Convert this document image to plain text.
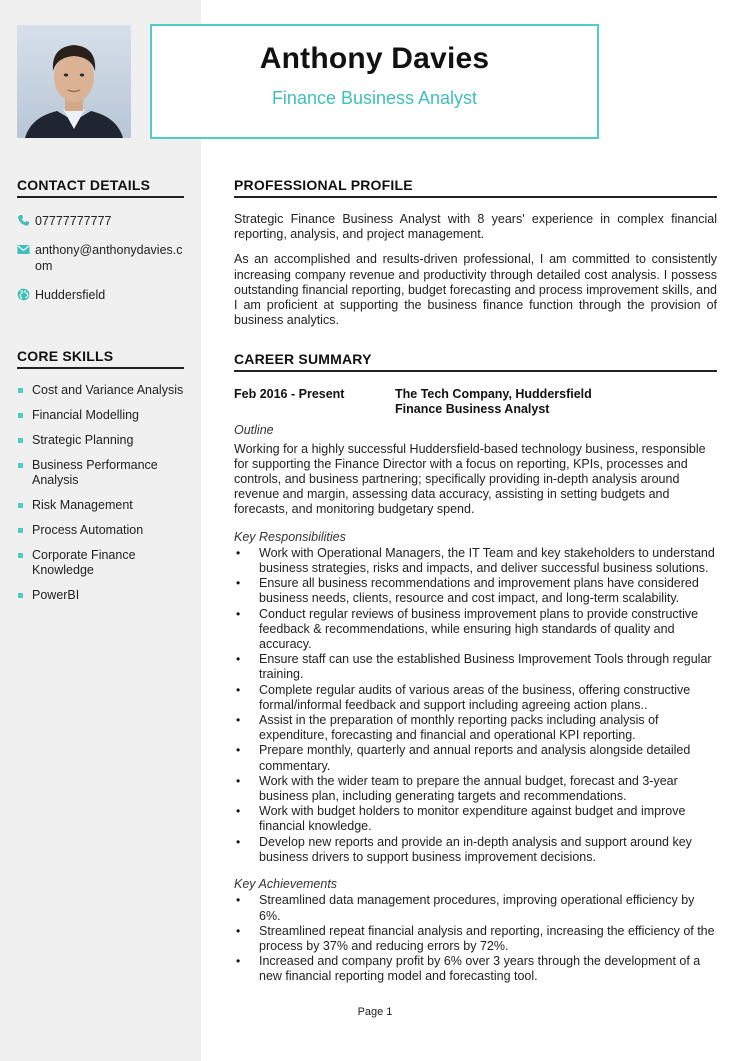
Anthony Davies
Finance Business Analyst
CONTACT DETAILS
07777777777
anthony@anthonydavies.com
Huddersfield
CORE SKILLS
Cost and Variance Analysis
Financial Modelling
Strategic Planning
Business Performance Analysis
Risk Management
Process Automation
Corporate Finance Knowledge
PowerBI
PROFESSIONAL PROFILE

Strategic Finance Business Analyst with 8 years' experience in complex financial reporting, analysis, and project management.

As an accomplished and results-driven professional, I am committed to consistently increasing company revenue and productivity through detailed cost analysis. I possess outstanding financial reporting, budget forecasting and process improvement skills, and I am proficient at supporting the business finance function through the provision of business analytics.

CAREER SUMMARY
Feb 2016 - Present	The Tech Company, Huddersfield
Finance Business Analyst
Outline

Working for a highly successful Huddersfield-based technology business, responsible for supporting the Finance Director with a focus on reporting, KPIs, processes and controls, and business partnering; specifically providing in-depth analysis around revenue and margin, assessing data accuracy, assisting in setting budgets and forecasts, and monitoring budgetary spend.

Key Responsibilities
• Work with Operational Managers, the IT Team and key stakeholders to understand business strategies, risks and impacts, and deliver successful business solutions.
• Ensure all business recommendations and improvement plans have considered business needs, clients, resource and cost impact, and long-term scalability.
• Conduct regular reviews of business improvement plans to provide constructive feedback & recommendations, while ensuring high standards of quality and accuracy.
• Ensure staff can use the established Business Improvement Tools through regular training.
• Complete regular audits of various areas of the business, offering constructive formal/informal feedback and support including agreeing action plans..
• Assist in the preparation of monthly reporting packs including analysis of expenditure, forecasting and financial and operational KPI reporting.
• Prepare monthly, quarterly and annual reports and analysis alongside detailed commentary.
• Work with the wider team to prepare the annual budget, forecast and 3-year business plan, including generating targets and recommendations.
• Work with budget holders to monitor expenditure against budget and improve financial knowledge.
• Develop new reports and provide an in-depth analysis and support around key business drivers to support business improvement decisions.
Key Achievements
• Streamlined data management procedures, improving operational efficiency by 6%.
• Streamlined repeat financial analysis and reporting, increasing the efficiency of the process by 37% and reducing errors by 72%.
• Increased and company profit by 6% over 3 years through the development of a new financial reporting model and forecasting tool.
Page 1
